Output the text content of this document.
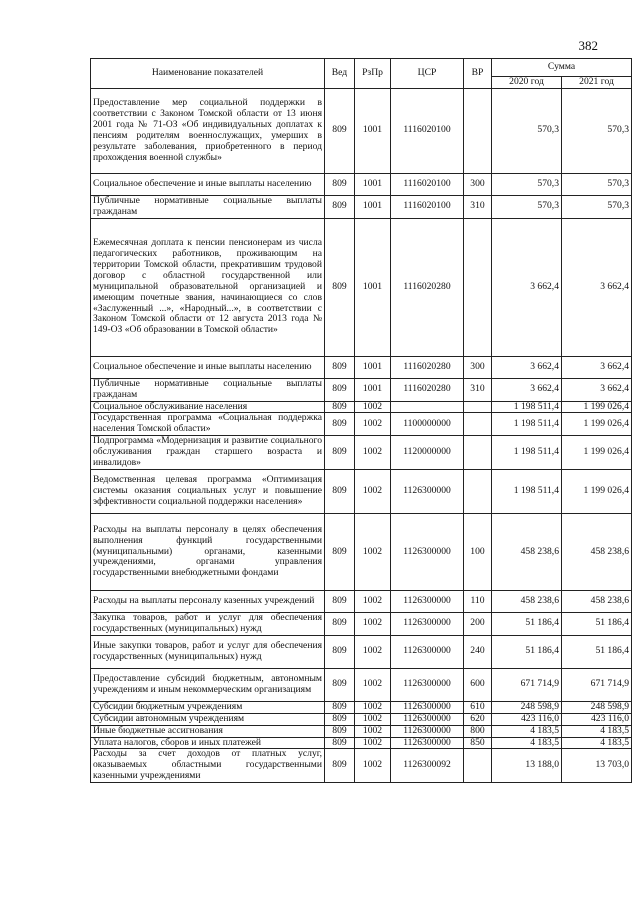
382
Наименование показателей	Вед	РзПр	ЦСР	ВР	Сумма	
					2020 год	2021 год
Предоставление мер социальной поддержки в соответствии с Законом Томской области от 13 июня 2001 года № 71-ОЗ «Об индивидуальных доплатах к пенсиям родителям военнослужащих, умерших в результате заболевания, приобретенного в период прохождения военной службы»	809	1001	1116020100		570,3	570,3
Социальное обеспечение и иные выплаты населению	809	1001	1116020100	300	570,3	570,3
Публичные нормативные социальные выплаты гражданам	809	1001	1116020100	310	570,3	570,3
Ежемесячная доплата к пенсии пенсионерам из числа педагогических работников, проживающим на территории Томской области, прекратившим трудовой договор с областной государственной или муниципальной образовательной организацией и имеющим почетные звания, начинающиеся со слов «Заслуженный ...», «Народный...», в соответствии с Законом Томской области от 12 августа 2013 года № 149-ОЗ «Об образовании в Томской области»	809	1001	1116020280		3 662,4	3 662,4
Социальное обеспечение и иные выплаты населению	809	1001	1116020280	300	3 662,4	3 662,4
Публичные нормативные социальные выплаты гражданам	809	1001	1116020280	310	3 662,4	3 662,4
Социальное обслуживание населения	809	1002			1 198 511,4	1 199 026,4
Государственная программа «Социальная поддержка населения Томской области»	809	1002	1100000000		1 198 511,4	1 199 026,4
Подпрограмма «Модернизация и развитие социального обслуживания граждан старшего возраста и инвалидов»	809	1002	1120000000		1 198 511,4	1 199 026,4
Ведомственная целевая программа «Оптимизация системы оказания социальных услуг и повышение эффективности социальной поддержки населения»	809	1002	1126300000		1 198 511,4	1 199 026,4
Расходы на выплаты персоналу в целях обеспечения выполнения функций государственными (муниципальными) органами, казенными учреждениями, органами управления государственными внебюджетными фондами	809	1002	1126300000	100	458 238,6	458 238,6
Расходы на выплаты персоналу казенных учреждений	809	1002	1126300000	110	458 238,6	458 238,6
Закупка товаров, работ и услуг для обеспечения государственных (муниципальных) нужд	809	1002	1126300000	200	51 186,4	51 186,4
Иные закупки товаров, работ и услуг для обеспечения государственных (муниципальных) нужд	809	1002	1126300000	240	51 186,4	51 186,4
Предоставление субсидий бюджетным, автономным учреждениям и иным некоммерческим организациям	809	1002	1126300000	600	671 714,9	671 714,9
Субсидии бюджетным учреждениям	809	1002	1126300000	610	248 598,9	248 598,9
Субсидии автономным учреждениям	809	1002	1126300000	620	423 116,0	423 116,0
Иные бюджетные ассигнования	809	1002	1126300000	800	4 183,5	4 183,5
Уплата налогов, сборов и иных платежей	809	1002	1126300000	850	4 183,5	4 183,5
Расходы за счет доходов от платных услуг, оказываемых областными государственными казенными учреждениями	809	1002	1126300092		13 188,0	13 703,0
